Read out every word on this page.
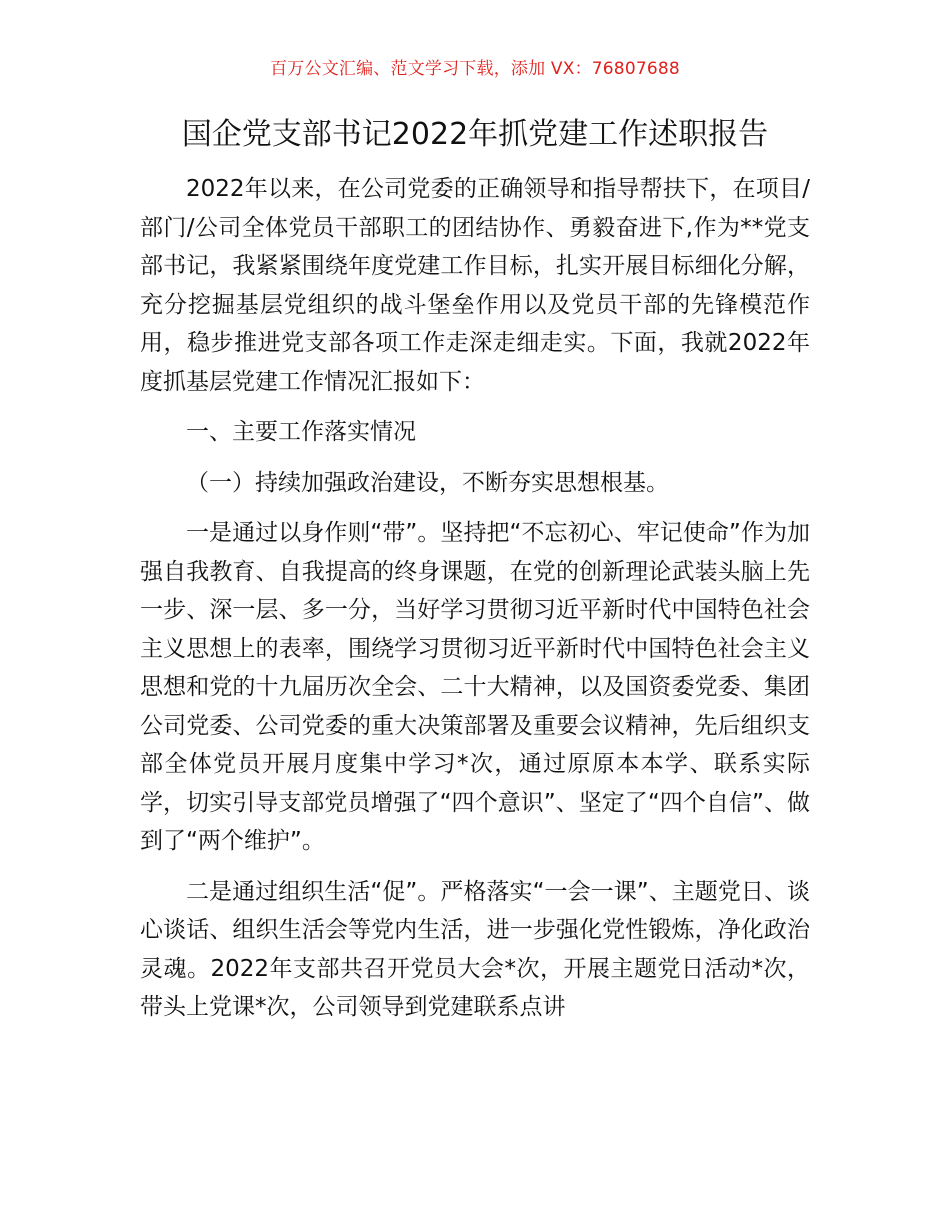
百万公文汇编、范文学习下载，添加 VX：76807688
国企党支部书记2022年抓党建工作述职报告

2022年以来，在公司党委的正确领导和指导帮扶下，在项目/部门/公司全体党员干部职工的团结协作、勇毅奋进下,作为**党支部书记，我紧紧围绕年度党建工作目标，扎实开展目标细化分解，充分挖掘基层党组织的战斗堡垒作用以及党员干部的先锋模范作用，稳步推进党支部各项工作走深走细走实。下面，我就2022年度抓基层党建工作情况汇报如下：

一、主要工作落实情况

（一）持续加强政治建设，不断夯实思想根基。

一是通过以身作则“带”。坚持把“不忘初心、牢记使命”作为加强自我教育、自我提高的终身课题，在党的创新理论武装头脑上先一步、深一层、多一分，当好学习贯彻习近平新时代中国特色社会主义思想上的表率，围绕学习贯彻习近平新时代中国特色社会主义思想和党的十九届历次全会、二十大精神，以及国资委党委、集团公司党委、公司党委的重大决策部署及重要会议精神，先后组织支部全体党员开展月度集中学习*次，通过原原本本学、联系实际学，切实引导支部党员增强了“四个意识”、坚定了“四个自信”、做到了“两个维护”。

二是通过组织生活“促”。严格落实“一会一课”、主题党日、谈心谈话、组织生活会等党内生活，进一步强化党性锻炼，净化政治灵魂。2022年支部共召开党员大会*次，开展主题党日活动*次，带头上党课*次，公司领导到党建联系点讲
